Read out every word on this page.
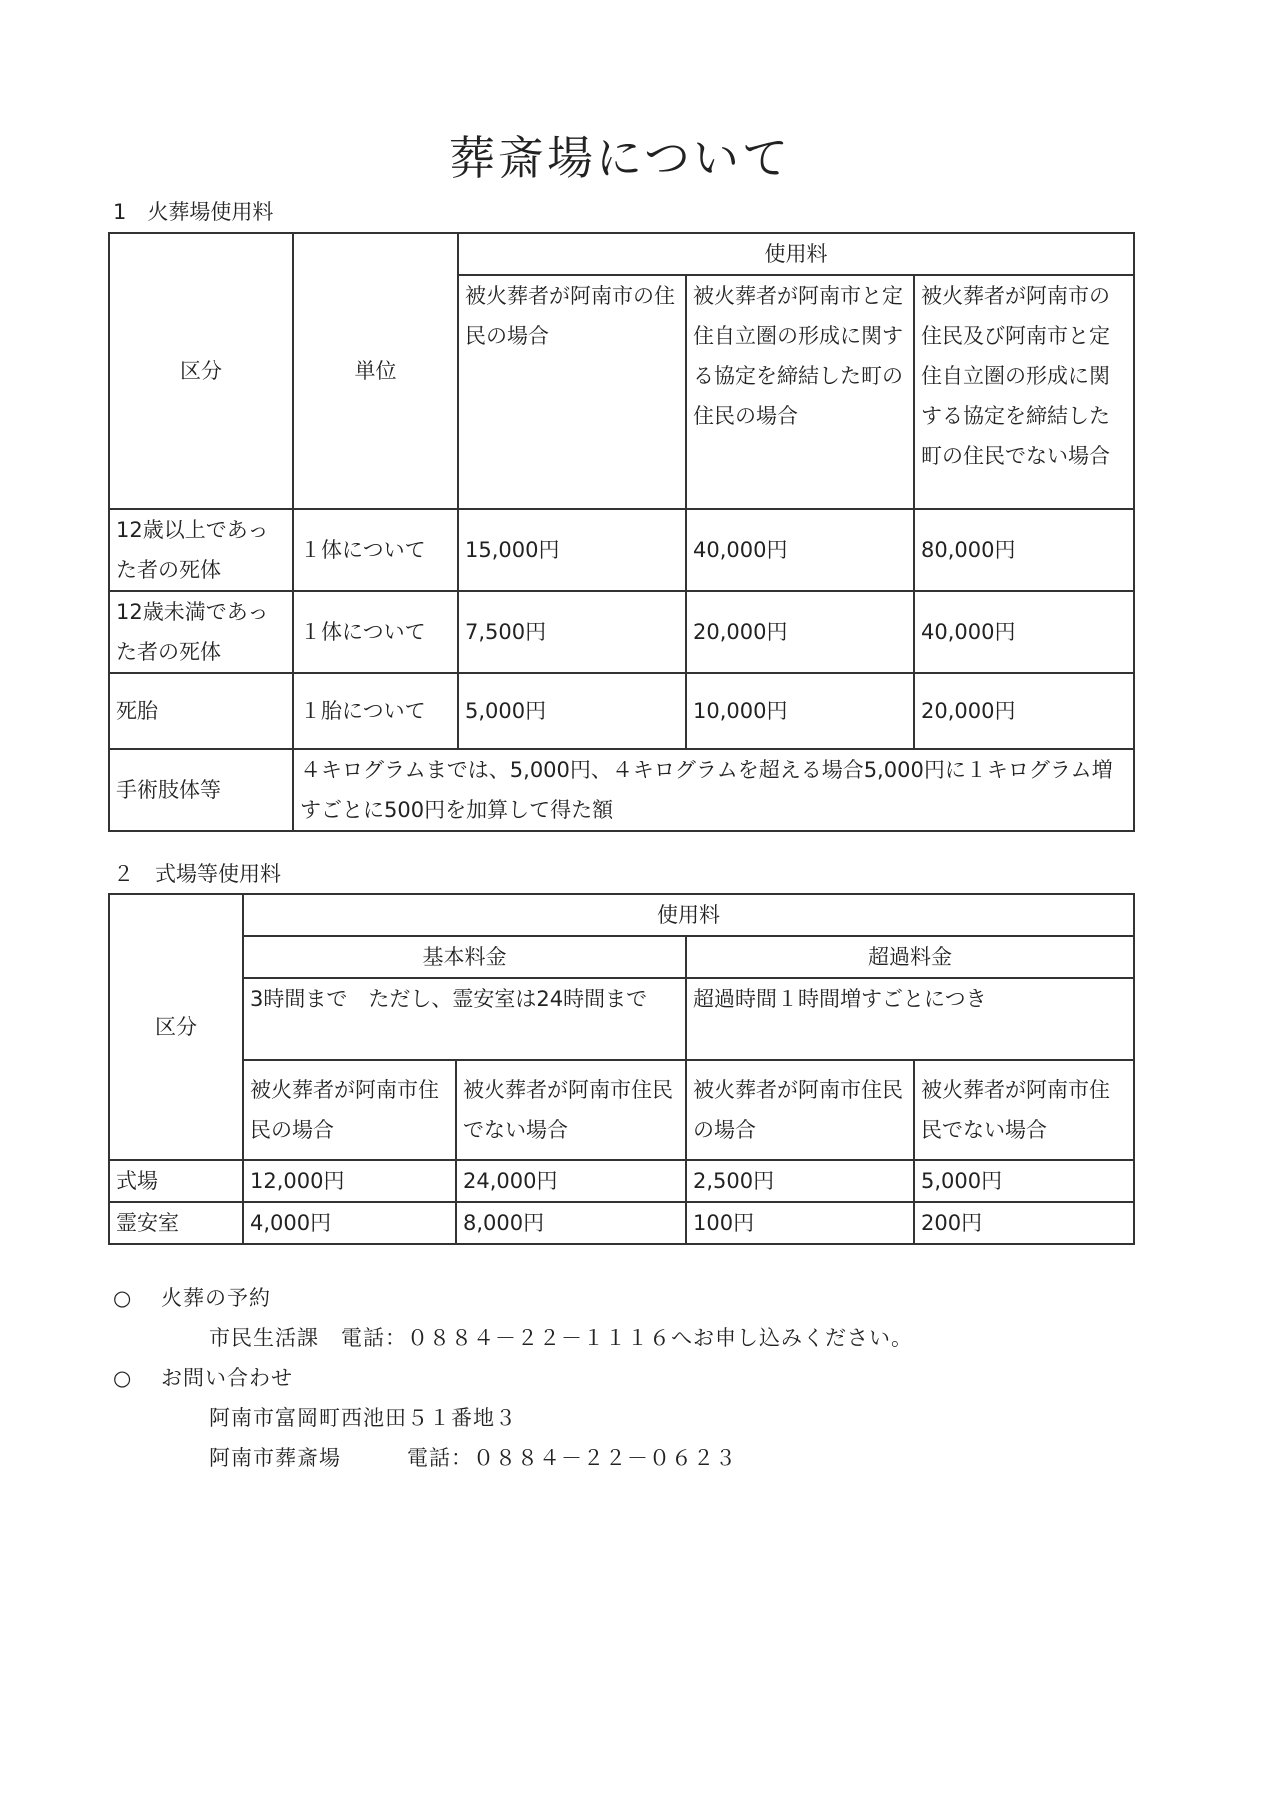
葬斎場について
1　火葬場使用料
区分	単位	使用料		
		被火葬者が阿南市の住民の場合	被火葬者が阿南市と定住自立圏の形成に関する協定を締結した町の住民の場合	被火葬者が阿南市の住民及び阿南市と定住自立圏の形成に関する協定を締結した町の住民でない場合
12歳以上であった者の死体	１体について	15,000円	40,000円	80,000円
12歳未満であった者の死体	１体について	7,500円	20,000円	40,000円
死胎	１胎について	5,000円	10,000円	20,000円
手術肢体等	４キログラムまでは、5,000円、４キログラムを超える場合5,000円に１キログラム増すごとに500円を加算して得た額			
２　式場等使用料
区分	使用料			
	基本料金		超過料金	
	3時間まで　ただし、霊安室は24時間まで		超過時間１時間増すごとにつき	
	被火葬者が阿南市住民の場合	被火葬者が阿南市住民でない場合	被火葬者が阿南市住民の場合	被火葬者が阿南市住民でない場合
式場	12,000円	24,000円	2,500円	5,000円
霊安室	4,000円	8,000円	100円	200円
○	火葬の予約
市民生活課　電話：０８８４－２２－１１１６へお申し込みください。
○	お問い合わせ
阿南市富岡町西池田５１番地３
阿南市葬斎場　　　電話：０８８４－２２－０６２３
